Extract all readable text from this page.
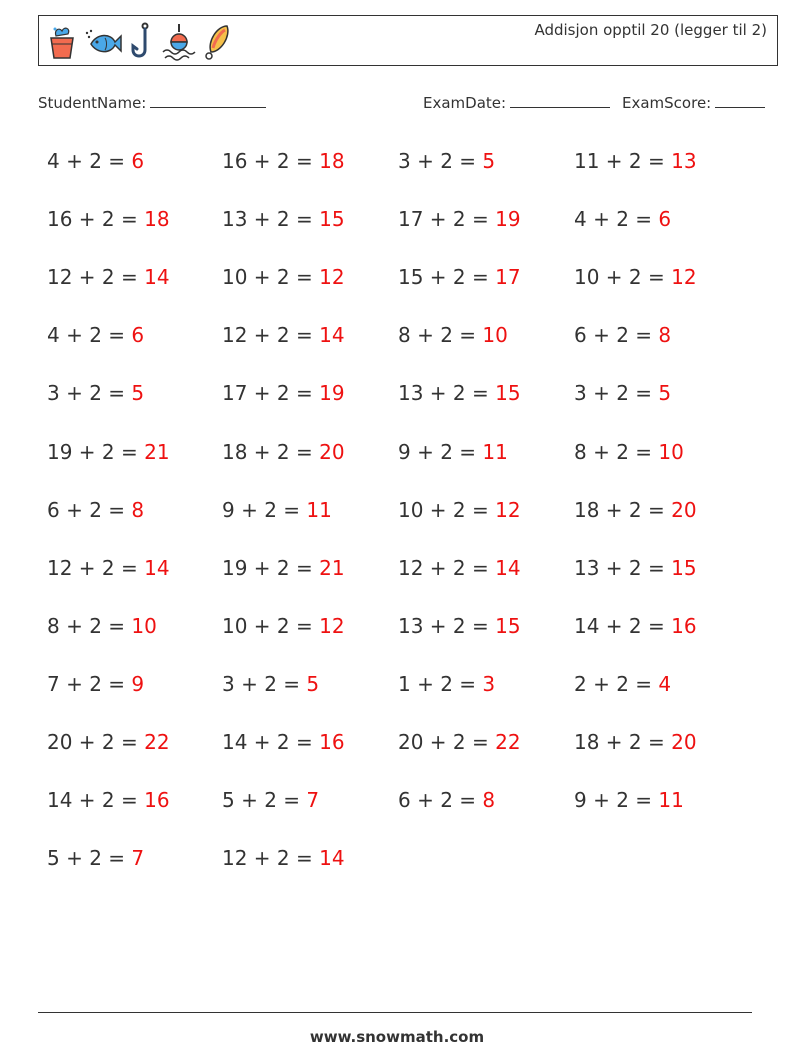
Addisjon opptil 20 (legger til 2)
StudentName:	ExamDate:	ExamScore:
4 + 2 = 6	16 + 2 = 18	3 + 2 = 5	11 + 2 = 13
16 + 2 = 18	13 + 2 = 15	17 + 2 = 19	4 + 2 = 6
12 + 2 = 14	10 + 2 = 12	15 + 2 = 17	10 + 2 = 12
4 + 2 = 6	12 + 2 = 14	8 + 2 = 10	6 + 2 = 8
3 + 2 = 5	17 + 2 = 19	13 + 2 = 15	3 + 2 = 5
19 + 2 = 21	18 + 2 = 20	9 + 2 = 11	8 + 2 = 10
6 + 2 = 8	9 + 2 = 11	10 + 2 = 12	18 + 2 = 20
12 + 2 = 14	19 + 2 = 21	12 + 2 = 14	13 + 2 = 15
8 + 2 = 10	10 + 2 = 12	13 + 2 = 15	14 + 2 = 16
7 + 2 = 9	3 + 2 = 5	1 + 2 = 3	2 + 2 = 4
20 + 2 = 22	14 + 2 = 16	20 + 2 = 22	18 + 2 = 20
14 + 2 = 16	5 + 2 = 7	6 + 2 = 8	9 + 2 = 11
5 + 2 = 7	12 + 2 = 14
www.snowmath.com
